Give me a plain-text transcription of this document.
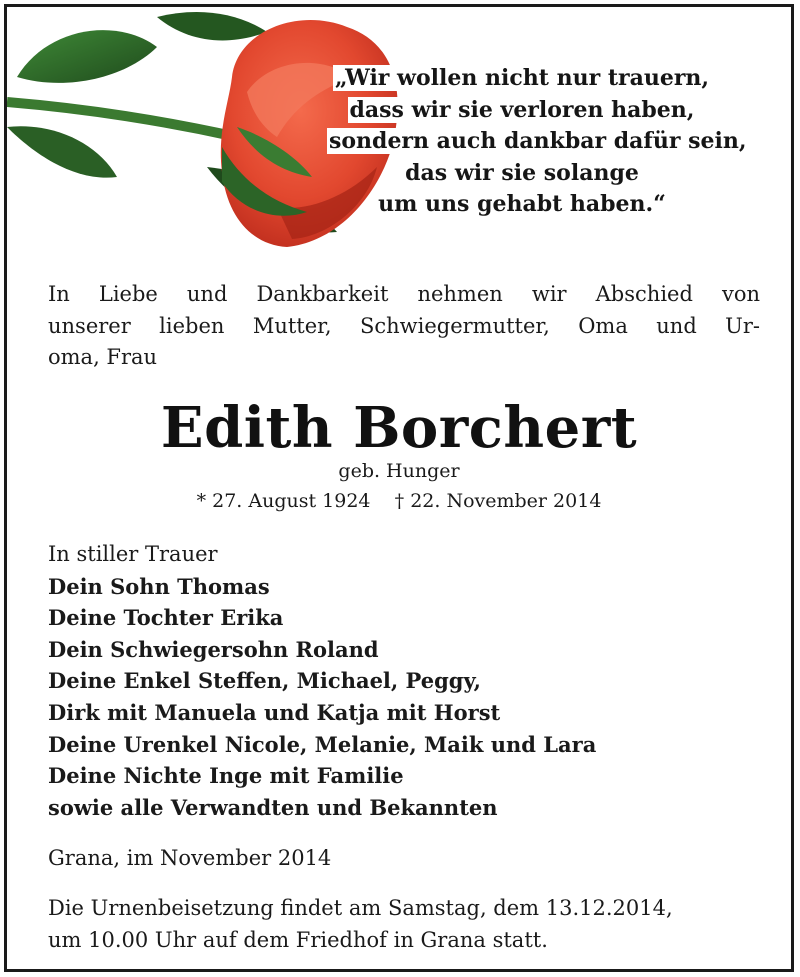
„Wir wollen nicht nur trauern,
dass wir sie verloren haben,
sondern auch dankbar dafür sein,
das wir sie solange
um uns gehabt haben.“
In Liebe und Dankbarkeit nehmen wir Abschied von
unserer lieben Mutter, Schwiegermutter, Oma und Ur-
oma, Frau
Edith Borchert
geb. Hunger
* 27. August 1924    † 22. November 2014
In stiller Trauer
Dein Sohn Thomas
Deine Tochter Erika
Dein Schwiegersohn Roland
Deine Enkel Steffen, Michael, Peggy,
Dirk mit Manuela und Katja mit Horst
Deine Urenkel Nicole, Melanie, Maik und Lara
Deine Nichte Inge mit Familie
sowie alle Verwandten und Bekannten
Grana, im November 2014
Die Urnenbeisetzung findet am Samstag, dem 13.12.2014,
um 10.00 Uhr auf dem Friedhof in Grana statt.
